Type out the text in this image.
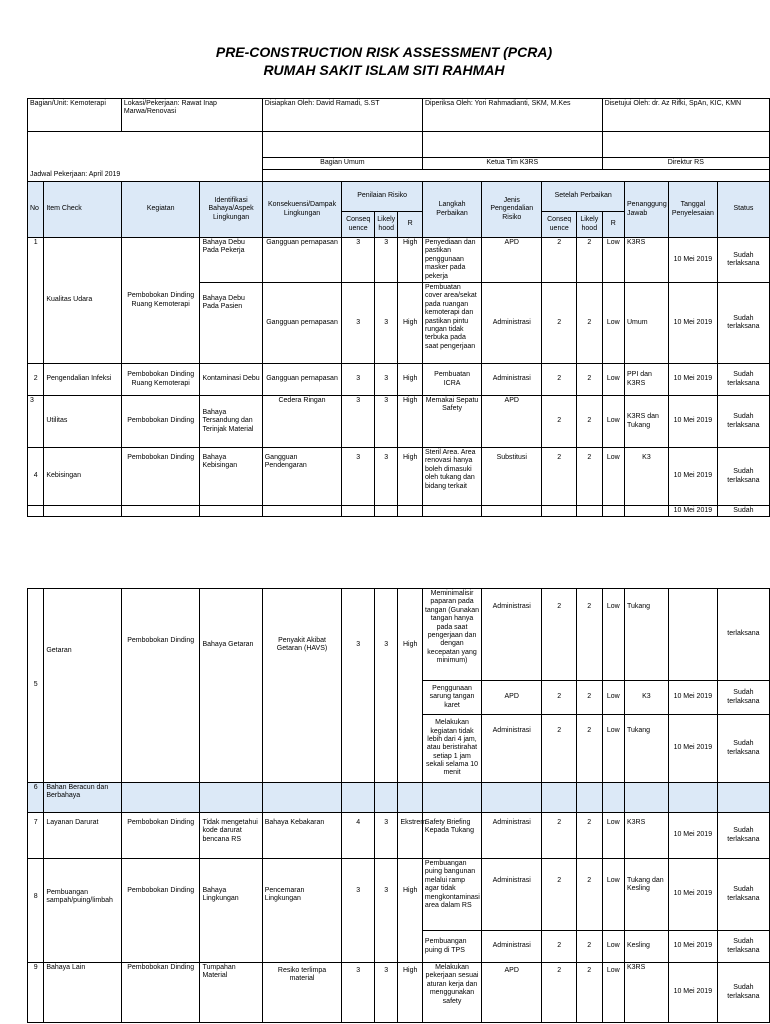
PRE-CONSTRUCTION RISK ASSESSMENT (PCRA)
RUMAH SAKIT ISLAM SITI RAHMAH
Bagian/Unit: Kemoterapi		Lokasi/Pekerjaan: Rawat Inap Marwa/Renovasi		Disiapkan Oleh: David Ramadi, S.ST				Diperiksa Oleh: Yori Rahmadianti, SKM, M.Kes				Disetujui Oleh: dr. Az Rifki, SpAn, KIC, KMN			

				Bagian Umum				Ketua Tim K3RS				Direktur RS			
Jadwal Pekerjaan: April 2019															
No	Item Check	Kegiatan	Identifikasi Bahaya/Aspek Lingkungan	Konsekuensi/Dampak Lingkungan	Penilaian Risiko			Langkah Perbaikan	Jenis Pengendalian Risiko	Setelah Perbaikan			Penanggung Jawab	Tanggal Penyelesaian	Status
					Conseq uence	Likely hood	R			Conseq uence	Likely hood	R			
1	Kualitas Udara	Pembobokan Dinding Ruang Kemoterapi	Bahaya Debu Pada Pekerja	Gangguan pernapasan	3	3	High	Penyediaan dan pastikan penggunaan masker pada pekerja	APD	2	2	Low	K3RS	10 Mei 2019	Sudah terlaksana
			Bahaya Debu Pada Pasien	Gangguan pernapasan	3	3	High	Pembuatan cover area/sekat pada ruangan kemoterapi dan pastikan pintu rungan tidak terbuka pada saat pengerjaan	Administrasi	2	2	Low	Umum	10 Mei 2019	Sudah terlaksana
2	Pengendalian Infeksi	Pembobokan Dinding Ruang Kemoterapi	Kontaminasi Debu	Gangguan pernapasan	3	3	High	Pembuatan ICRA	Administrasi	2	2	Low	PPI dan K3RS	10 Mei 2019	Sudah terlaksana
3	Utilitas	Pembobokan Dinding	Bahaya Tersandung dan Terinjak Material	Cedera Ringan	3	3	High	Memakai Sepatu Safety	APD	2	2	Low	K3RS dan Tukang	10 Mei 2019	Sudah terlaksana
4	Kebisingan	Pembobokan Dinding	Bahaya Kebisingan	Gangguan Pendengaran	3	3	High	Steril Area. Area renovasi hanya boleh dimasuki oleh tukang dan bidang terkait	Substitusi	2	2	Low	K3	10 Mei 2019	Sudah terlaksana
														10 Mei 2019	Sudah
5	Getaran	Pembobokan Dinding	Bahaya Getaran	Penyakit Akibat Getaran (HAVS)	3	3	High	Meminimalisir paparan pada tangan (Gunakan tangan hanya pada saat pengerjaan dan dengan kecepatan yang minimum)	Administrasi	2	2	Low	Tukang		terlaksana
								Penggunaan sarung tangan karet	APD	2	2	Low	K3	10 Mei 2019	Sudah terlaksana
								Melakukan kegiatan tidak lebih dari 4 jam, atau beristirahat setiap 1 jam sekali selama 10 menit	Administrasi	2	2	Low	Tukang	10 Mei 2019	Sudah terlaksana
6	Bahan Beracun dan Berbahaya														
7	Layanan Darurat	Pembobokan Dinding	Tidak mengetahui kode darurat bencana RS	Bahaya Kebakaran	4	3	Ekstrem	Safety Briefing Kepada Tukang	Administrasi	2	2	Low	K3RS	10 Mei 2019	Sudah terlaksana
8	Pembuangan sampah/puing/limbah	Pembobokan Dinding	Bahaya Lingkungan	Pencemaran Lingkungan	3	3	High	Pembuangan puing bangunan melalui ramp agar tidak mengkontaminasi area dalam RS	Administrasi	2	2	Low	Tukang dan Kesling	10 Mei 2019	Sudah terlaksana
								Pembuangan puing di TPS	Administrasi	2	2	Low	Kesling	10 Mei 2019	Sudah terlaksana
9	Bahaya Lain	Pembobokan Dinding	Tumpahan Material	Resiko terlimpa material	3	3	High	Melakukan pekerjaan sesuai aturan kerja dan menggunakan safety	APD	2	2	Low	K3RS	10 Mei 2019	Sudah terlaksana
